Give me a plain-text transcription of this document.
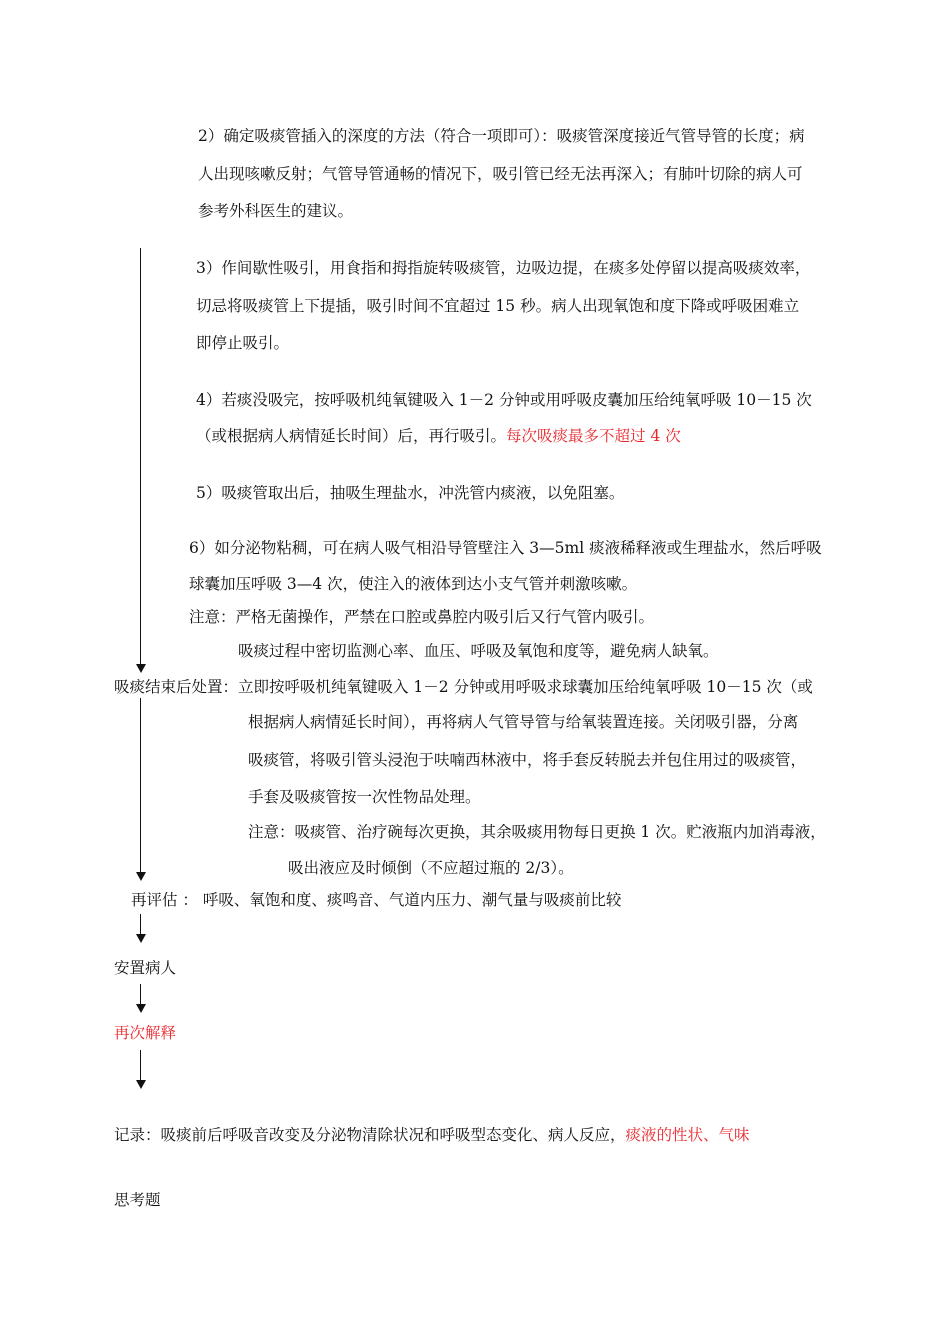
2）确定吸痰管插入的深度的方法（符合一项即可）：吸痰管深度接近气管导管的长度；病
人出现咳嗽反射；气管导管通畅的情况下，吸引管已经无法再深入；有肺叶切除的病人可
参考外科医生的建议。
3）作间歇性吸引，用食指和拇指旋转吸痰管，边吸边提，在痰多处停留以提高吸痰效率，
切忌将吸痰管上下提插，吸引时间不宜超过 15 秒。病人出现氧饱和度下降或呼吸困难立
即停止吸引。
4）若痰没吸完，按呼吸机纯氧键吸入 1－2 分钟或用呼吸皮囊加压给纯氧呼吸 10－15 次
（或根据病人病情延长时间）后，再行吸引。每次吸痰最多不超过 4 次
5）吸痰管取出后，抽吸生理盐水，冲洗管内痰液，以免阻塞。
6）如分泌物粘稠，可在病人吸气相沿导管壁注入 3—5ml 痰液稀释液或生理盐水，然后呼吸
球囊加压呼吸 3—4 次，使注入的液体到达小支气管并刺激咳嗽。
注意：严格无菌操作，严禁在口腔或鼻腔内吸引后又行气管内吸引。
吸痰过程中密切监测心率、血压、呼吸及氧饱和度等，避免病人缺氧。
吸痰结束后处置：立即按呼吸机纯氧键吸入 1－2 分钟或用呼吸求球囊加压给纯氧呼吸 10－15 次（或
根据病人病情延长时间），再将病人气管导管与给氧装置连接。关闭吸引器，分离
吸痰管，将吸引管头浸泡于呋喃西林液中，将手套反转脱去并包住用过的吸痰管，
手套及吸痰管按一次性物品处理。
注意：吸痰管、治疗碗每次更换，其余吸痰用物每日更换 1 次。贮液瓶内加消毒液，
吸出液应及时倾倒（不应超过瓶的 2/3）。
再评估 ： 呼吸、氧饱和度、痰鸣音、气道内压力、潮气量与吸痰前比较
安置病人
再次解释
记录：吸痰前后呼吸音改变及分泌物清除状况和呼吸型态变化、病人反应，痰液的性状、气味
思考题
